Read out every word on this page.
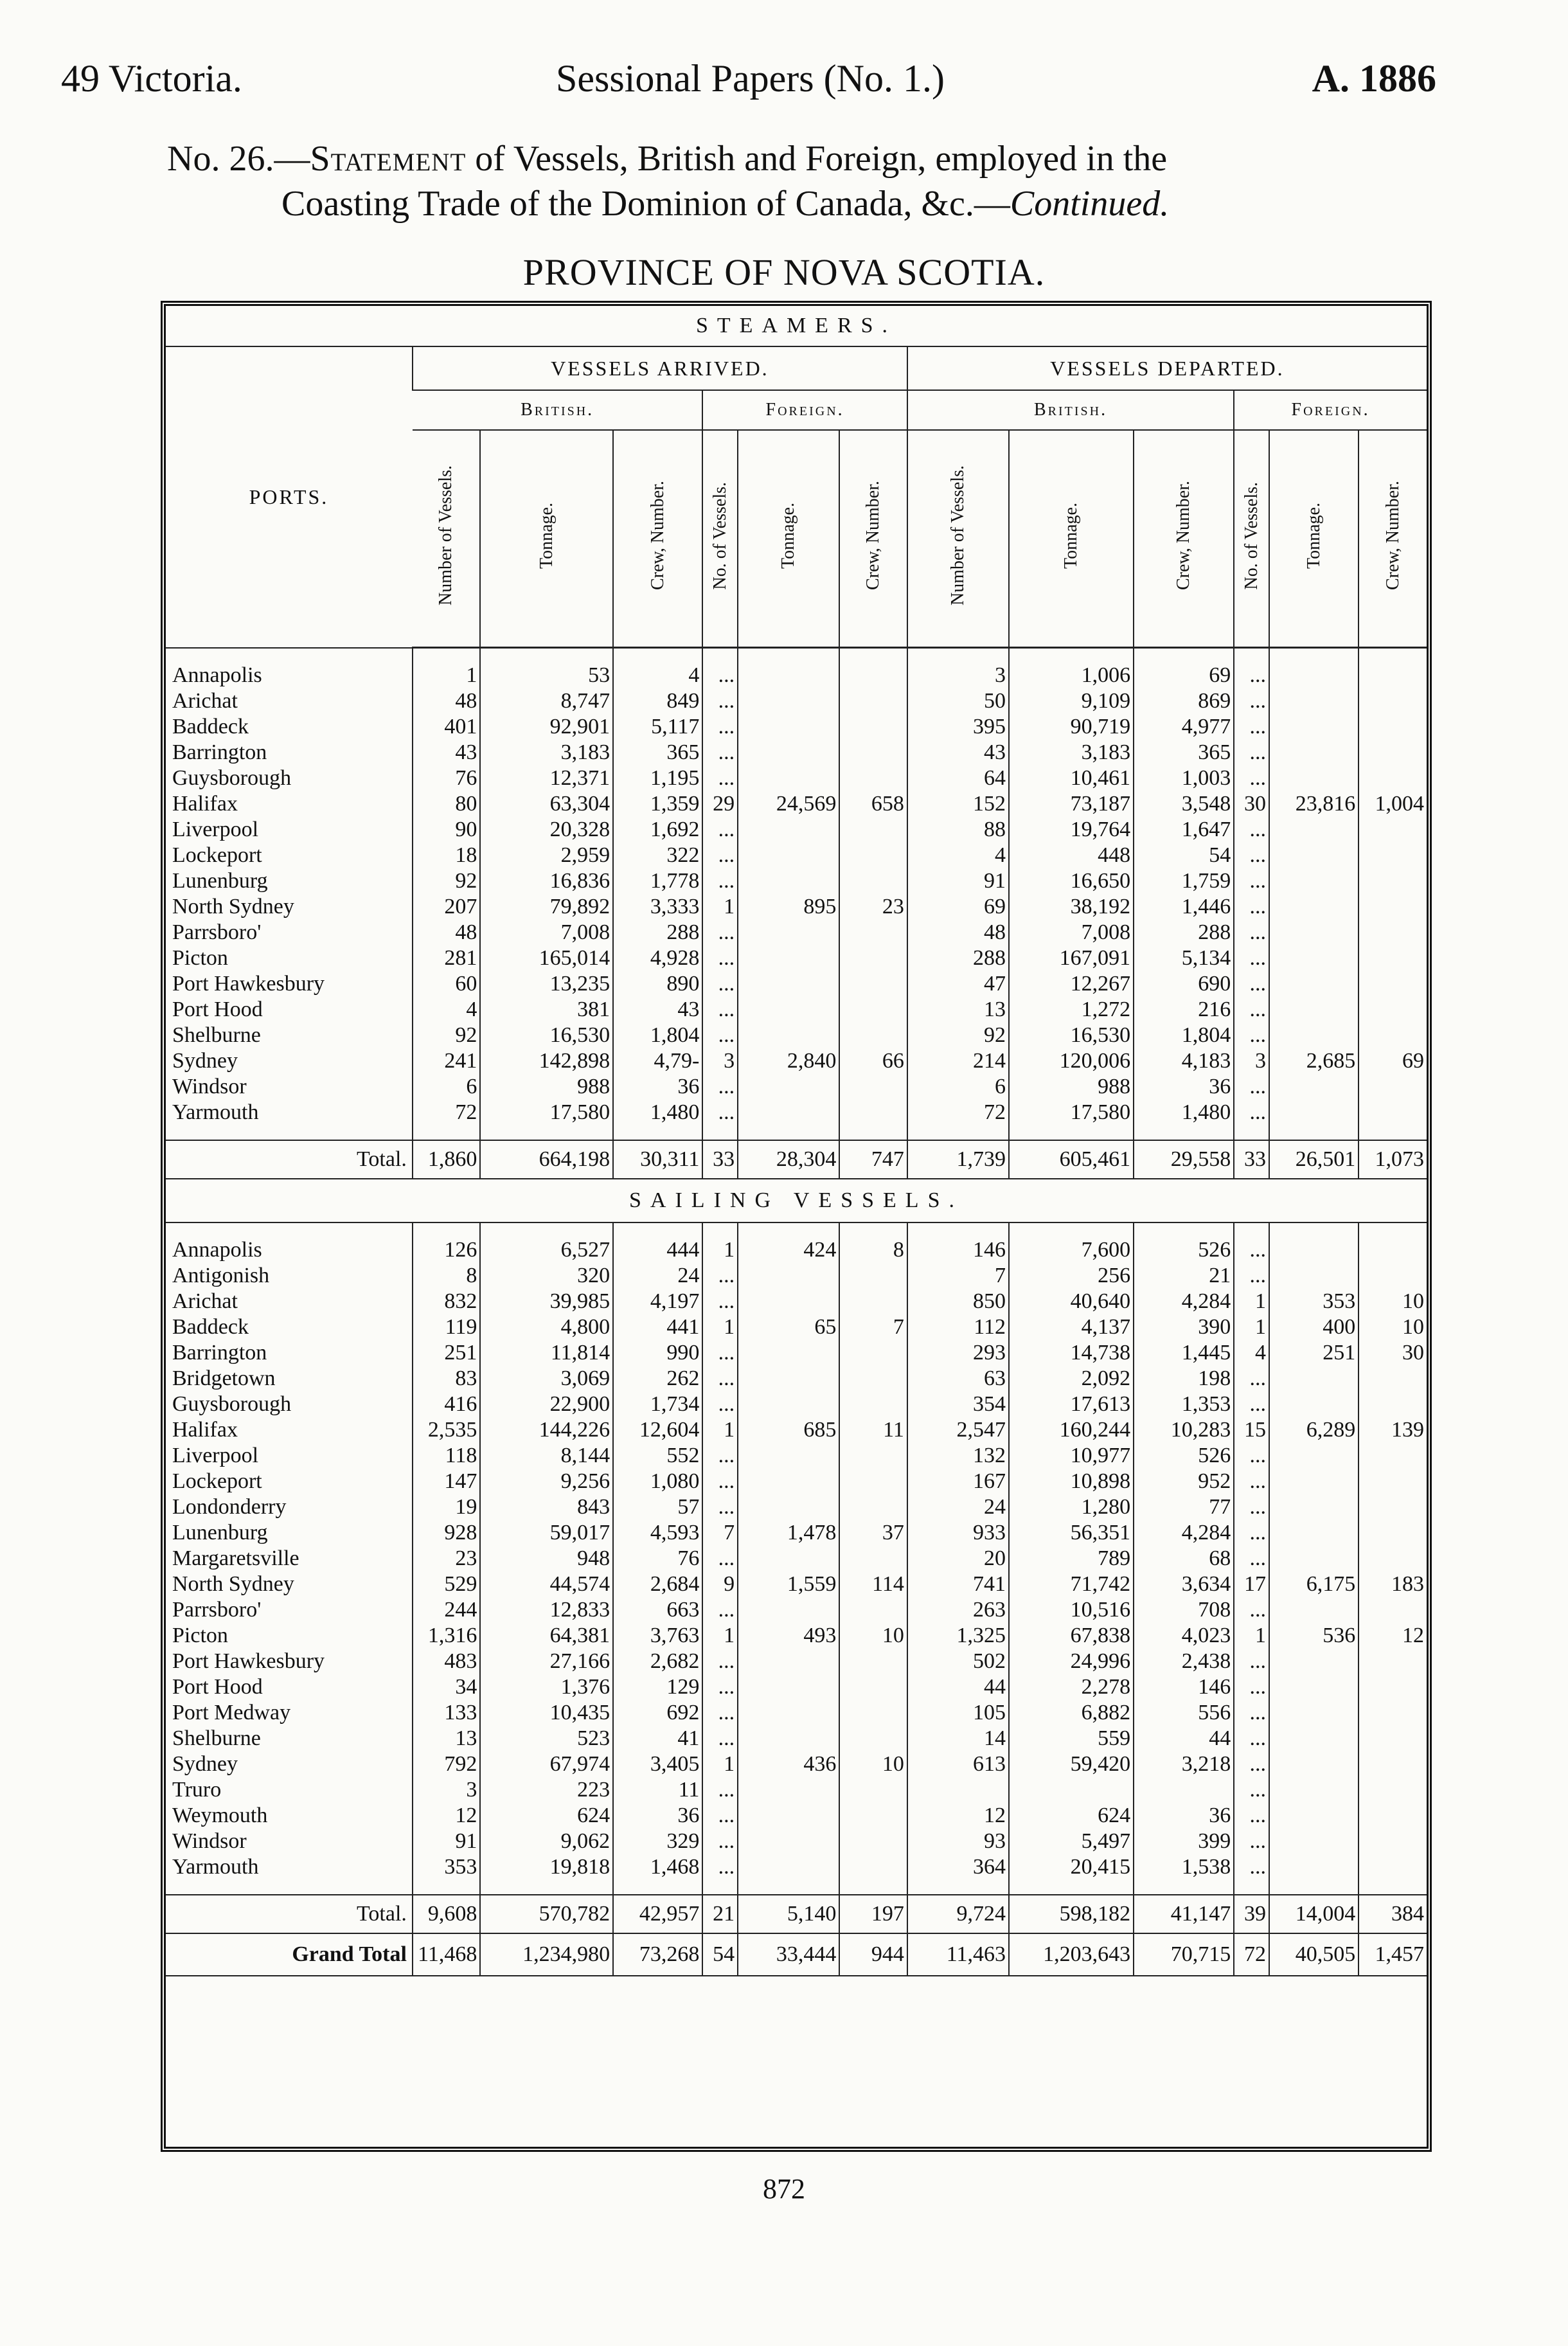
49 Victoria.	Sessional Papers (No. 1.)	A. 1886
No. 26.—Statement of Vessels, British and Foreign, employed in the
Coasting Trade of the Dominion of Canada, &c.—Continued.
PROVINCE OF NOVA SCOTIA.
STEAMERS.												
PORTS.	VESSELS ARRIVED.						VESSELS DEPARTED.					
	British.			Foreign.			British.			Foreign.		
	Number of Vessels.	Tonnage.	Crew, Number.	No. of Vessels.	Tonnage.	Crew, Number.	Number of Vessels.	Tonnage.	Crew, Number.	No. of Vessels.	Tonnage.	Crew, Number.

Annapolis	1	53	4	...			3	1,006	69	...		
Arichat	48	8,747	849	...			50	9,109	869	...		
Baddeck	401	92,901	5,117	...			395	90,719	4,977	...		
Barrington	43	3,183	365	...			43	3,183	365	...		
Guysborough	76	12,371	1,195	...			64	10,461	1,003	...		
Halifax	80	63,304	1,359	29	24,569	658	152	73,187	3,548	30	23,816	1,004
Liverpool	90	20,328	1,692	...			88	19,764	1,647	...		
Lockeport	18	2,959	322	...			4	448	54	...		
Lunenburg	92	16,836	1,778	...			91	16,650	1,759	...		
North Sydney	207	79,892	3,333	1	895	23	69	38,192	1,446	...		
Parrsboro'	48	7,008	288	...			48	7,008	288	...		
Picton	281	165,014	4,928	...			288	167,091	5,134	...		
Port Hawkesbury	60	13,235	890	...			47	12,267	690	...		
Port Hood	4	381	43	...			13	1,272	216	...		
Shelburne	92	16,530	1,804	...			92	16,530	1,804	...		
Sydney	241	142,898	4,79-	3	2,840	66	214	120,006	4,183	3	2,685	69
Windsor	6	988	36	...			6	988	36	...		
Yarmouth	72	17,580	1,480	...			72	17,580	1,480	...		

Total.	1,860	664,198	30,311	33	28,304	747	1,739	605,461	29,558	33	26,501	1,073
SAILING VESSELS.												

Annapolis	126	6,527	444	1	424	8	146	7,600	526	...		
Antigonish	8	320	24	...			7	256	21	...		
Arichat	832	39,985	4,197	...			850	40,640	4,284	1	353	10
Baddeck	119	4,800	441	1	65	7	112	4,137	390	1	400	10
Barrington	251	11,814	990	...			293	14,738	1,445	4	251	30
Bridgetown	83	3,069	262	...			63	2,092	198	...		
Guysborough	416	22,900	1,734	...			354	17,613	1,353	...		
Halifax	2,535	144,226	12,604	1	685	11	2,547	160,244	10,283	15	6,289	139
Liverpool	118	8,144	552	...			132	10,977	526	...		
Lockeport	147	9,256	1,080	...			167	10,898	952	...		
Londonderry	19	843	57	...			24	1,280	77	...		
Lunenburg	928	59,017	4,593	7	1,478	37	933	56,351	4,284	...		
Margaretsville	23	948	76	...			20	789	68	...		
North Sydney	529	44,574	2,684	9	1,559	114	741	71,742	3,634	17	6,175	183
Parrsboro'	244	12,833	663	...			263	10,516	708	...		
Picton	1,316	64,381	3,763	1	493	10	1,325	67,838	4,023	1	536	12
Port Hawkesbury	483	27,166	2,682	...			502	24,996	2,438	...		
Port Hood	34	1,376	129	...			44	2,278	146	...		
Port Medway	133	10,435	692	...			105	6,882	556	...		
Shelburne	13	523	41	...			14	559	44	...		
Sydney	792	67,974	3,405	1	436	10	613	59,420	3,218	...		
Truro	3	223	11	...						...		
Weymouth	12	624	36	...			12	624	36	...		
Windsor	91	9,062	329	...			93	5,497	399	...		
Yarmouth	353	19,818	1,468	...			364	20,415	1,538	...		

Total.	9,608	570,782	42,957	21	5,140	197	9,724	598,182	41,147	39	14,004	384
Grand Total	11,468	1,234,980	73,268	54	33,444	944	11,463	1,203,643	70,715	72	40,505	1,457
872
